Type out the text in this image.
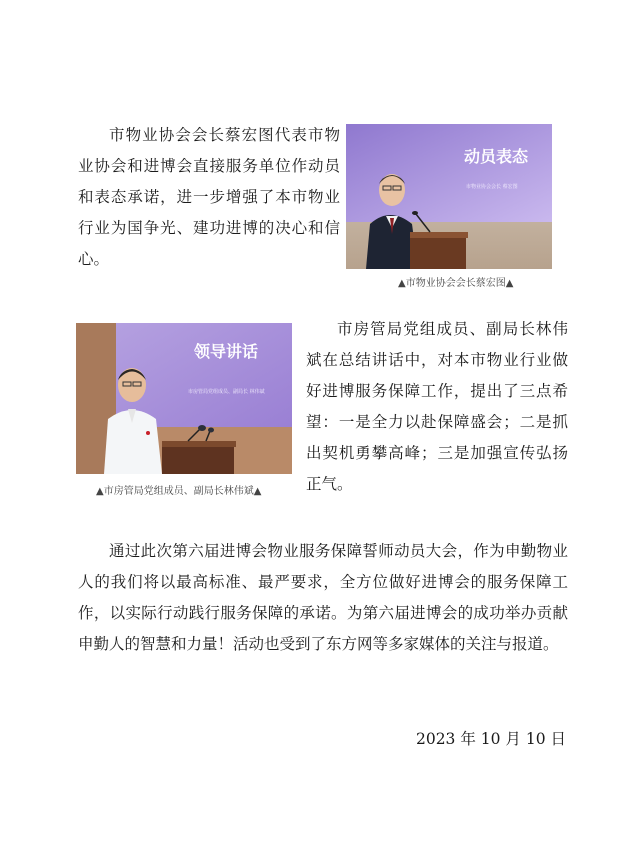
市物业协会会长蔡宏图代表市物业协会和进博会直接服务单位作动员和表态承诺，进一步增强了本市物业行业为国争光、建功进博的决心和信心。

动员表态
市物业协会会长 蔡宏图
▲市物业协会会长蔡宏图▲
领导讲话
市房管局党组成员、副局长 林伟斌
▲市房管局党组成员、副局长林伟斌▲

市房管局党组成员、副局长林伟斌在总结讲话中，对本市物业行业做好进博服务保障工作，提出了三点希望：一是全力以赴保障盛会；二是抓出契机勇攀高峰；三是加强宣传弘扬正气。

通过此次第六届进博会物业服务保障誓师动员大会，作为申勤物业人的我们将以最高标准、最严要求，全方位做好进博会的服务保障工作，以实际行动践行服务保障的承诺。为第六届进博会的成功举办贡献申勤人的智慧和力量！活动也受到了东方网等多家媒体的关注与报道。

2023 年 10 月 10 日
